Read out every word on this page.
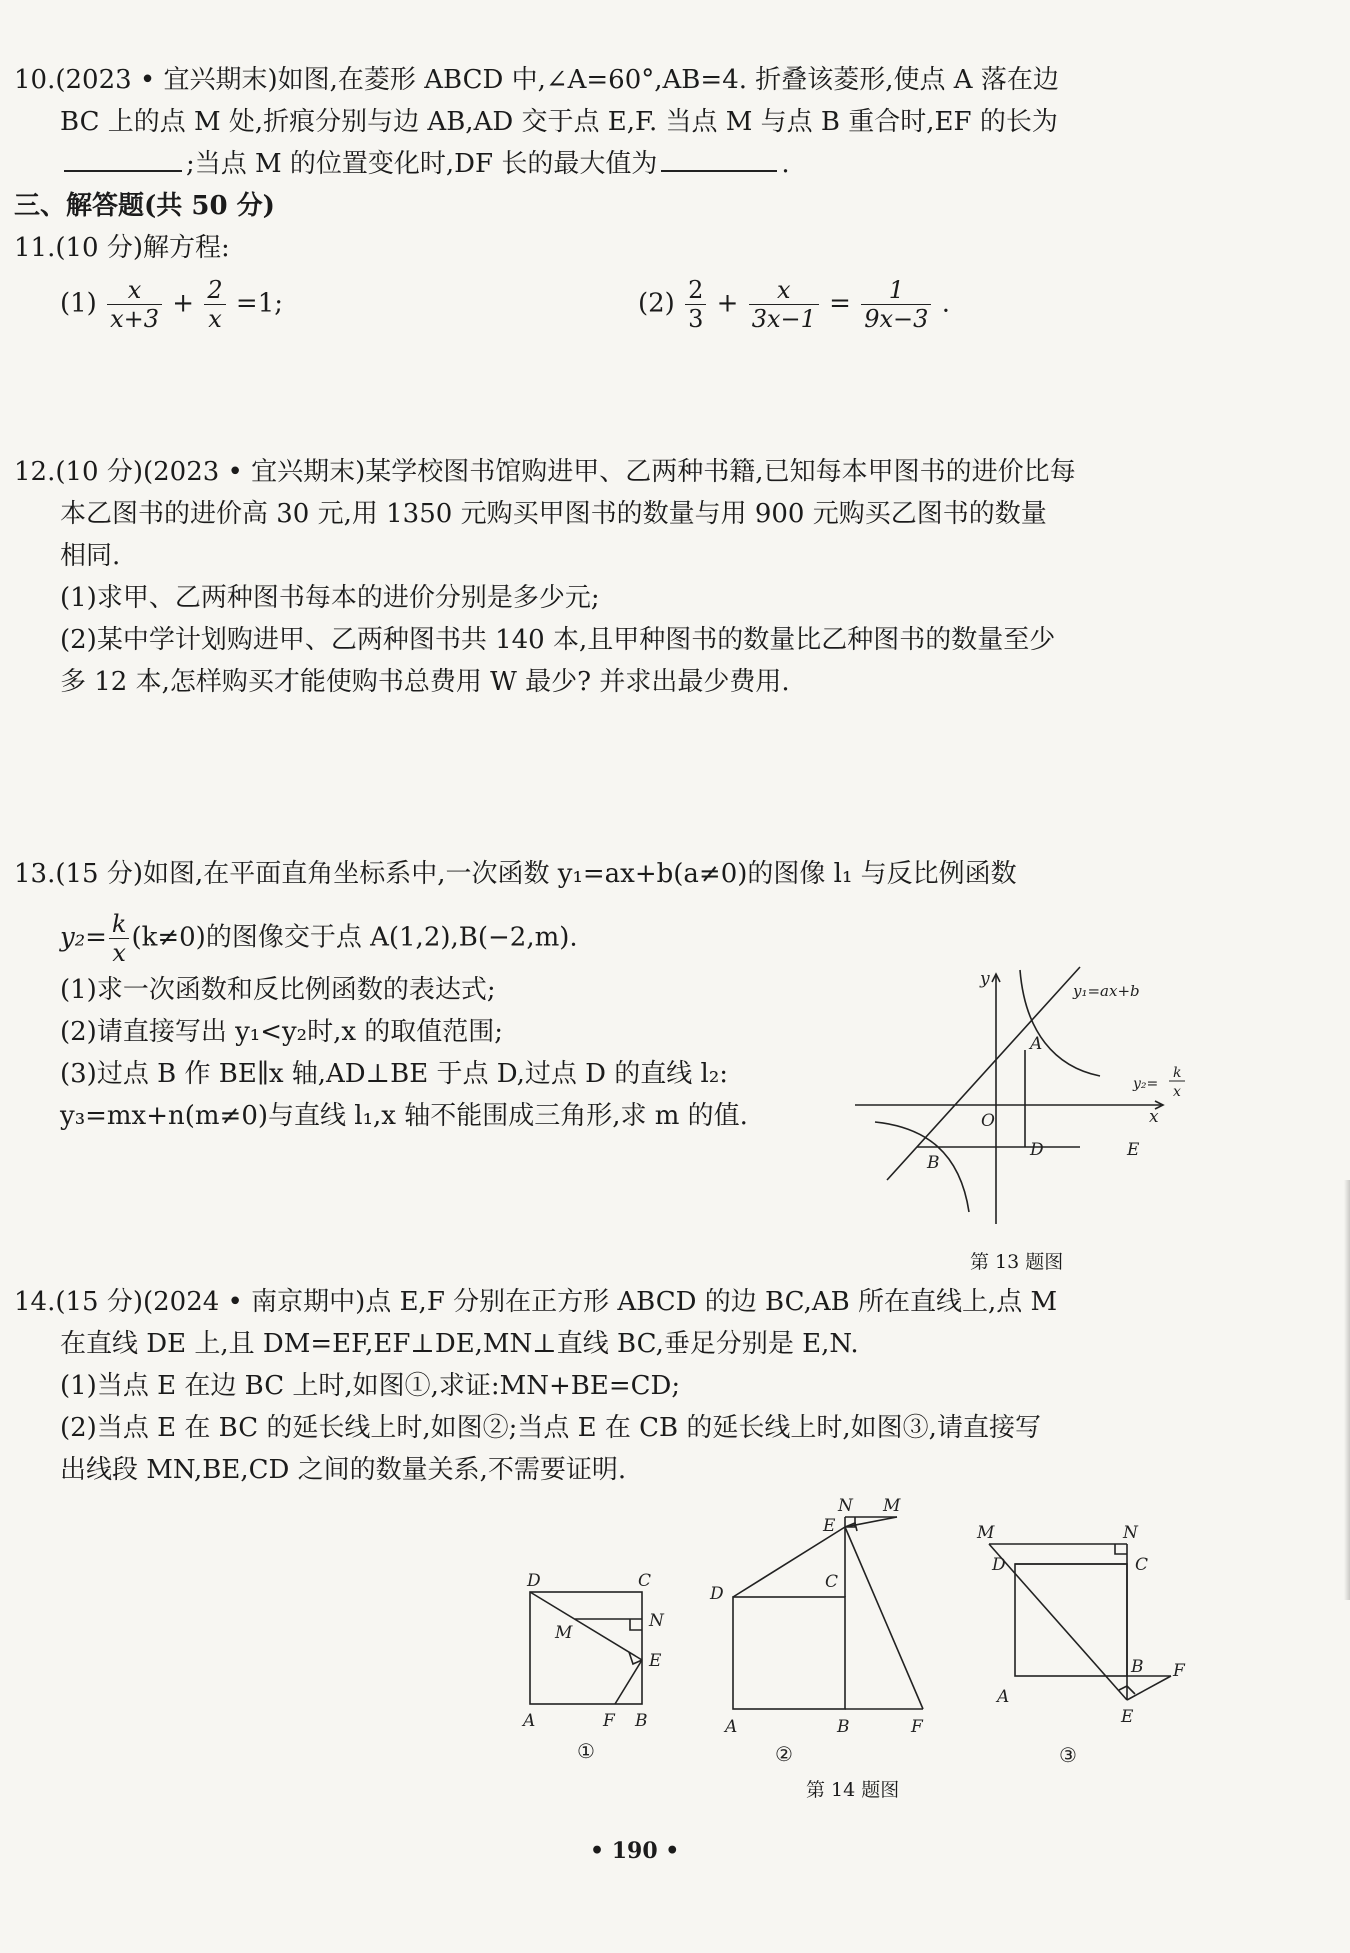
10.(2023 • 宜兴期末)如图,在菱形 ABCD 中,∠A=60°,AB=4. 折叠该菱形,使点 A 落在边
BC 上的点 M 处,折痕分别与边 AB,AD 交于点 E,F. 当点 M 与点 B 重合时,EF 的长为
;当点 M 的位置变化时,DF 长的最大值为	.
三、解答题(共 50 分)
11.(10 分)解方程:
$(1) \frac{x}{x+3} + \frac{2}{x} =1$;	$(2) \frac{2}{3} + \frac{x}{3x-1} = \frac{1}{9x-3}$ .
12.(10 分)(2023 • 宜兴期末)某学校图书馆购进甲、乙两种书籍,已知每本甲图书的进价比每
本乙图书的进价高 30 元,用 1350 元购买甲图书的数量与用 900 元购买乙图书的数量
相同.
(1)求甲、乙两种图书每本的进价分别是多少元;
(2)某中学计划购进甲、乙两种图书共 140 本,且甲种图书的数量比乙种图书的数量至少
多 12 本,怎样购买才能使购书总费用 W 最少? 并求出最少费用.
13.(15 分)如图,在平面直角坐标系中,一次函数 y₁=ax+b(a≠0)的图像 l₁ 与反比例函数
$y_2= \frac{k}{x} (k\ne 0)$的图像交于点 A(1,2),B(−2,m).
(1)求一次函数和反比例函数的表达式;
(2)请直接写出 y₁<y₂时,x 的取值范围;
(3)过点 B 作 BE∥x 轴,AD⊥BE 于点 D,过点 D 的直线 l₂:
y₃=mx+n(m≠0)与直线 l₁,x 轴不能围成三角形,求 m 的值.
y
x
O
A
B
D	E
y₁=ax+b
y₂=
k
x
第 13 题图
14.(15 分)(2024 • 南京期中)点 E,F 分别在正方形 ABCD 的边 BC,AB 所在直线上,点 M
在直线 DE 上,且 DM=EF,EF⊥DE,MN⊥直线 BC,垂足分别是 E,N.
(1)当点 E 在边 BC 上时,如图①,求证:MN+BE=CD;
(2)当点 E 在 BC 的延长线上时,如图②;当点 E 在 CB 的延长线上时,如图③,请直接写
出线段 MN,BE,CD 之间的数量关系,不需要证明.
D	C
N
M
E
A	F B
①
N M
E
D
C
A	B	F
②
M	N
D	C
B F
A
E
③
第 14 题图
• 190 •
